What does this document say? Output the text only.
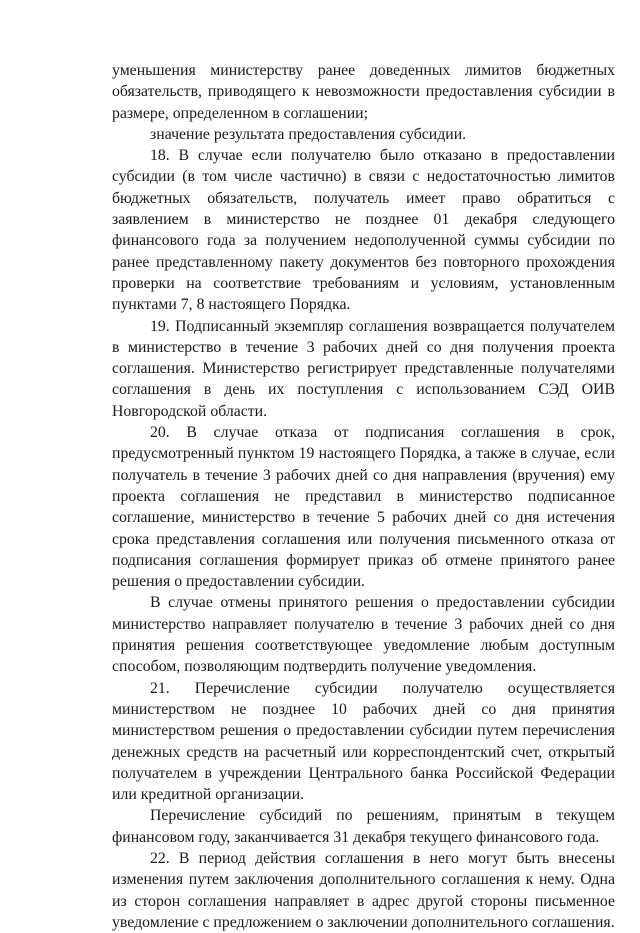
уменьшения министерству ранее доведенных лимитов бюджетных обязательств, приводящего к невозможности предоставления субсидии в размере, определенном в соглашении;

значение результата предоставления субсидии.

18. В случае если получателю было отказано в предоставлении субсидии (в том числе частично) в связи с недостаточностью лимитов бюджетных обязательств, получатель имеет право обратиться с заявлением в министерство не позднее 01 декабря следующего финансового года за получением недополученной суммы субсидии по ранее представленному пакету документов без повторного прохождения проверки на соответствие требованиям и условиям, установленным пунктами 7, 8 настоящего Порядка.

19. Подписанный экземпляр соглашения возвращается получателем в министерство в течение 3 рабочих дней со дня получения проекта соглашения. Министерство регистрирует представленные получателями соглашения в день их поступления с использованием СЭД ОИВ Новгородской области.

20. В случае отказа от подписания соглашения в срок, предусмотренный пунктом 19 настоящего Порядка, а также в случае, если получатель в течение 3 рабочих дней со дня направления (вручения) ему проекта соглашения не представил в министерство подписанное соглашение, министерство в течение 5 рабочих дней со дня истечения срока представления соглашения или получения письменного отказа от подписания соглашения формирует приказ об отмене принятого ранее решения о предоставлении субсидии.

В случае отмены принятого решения о предоставлении субсидии министерство направляет получателю в течение 3 рабочих дней со дня принятия решения соответствующее уведомление любым доступным способом, позволяющим подтвердить получение уведомления.

21. Перечисление субсидии получателю осуществляется министерством не позднее 10 рабочих дней со дня принятия министерством решения о предоставлении субсидии путем перечисления денежных средств на расчетный или корреспондентский счет, открытый получателем в учреждении Центрального банка Российской Федерации или кредитной организации.

Перечисление субсидий по решениям, принятым в текущем финансовом году, заканчивается 31 декабря текущего финансового года.

22. В период действия соглашения в него могут быть внесены изменения путем заключения дополнительного соглашения к нему. Одна из сторон соглашения направляет в адрес другой стороны письменное уведомление с предложением о заключении дополнительного соглашения.
